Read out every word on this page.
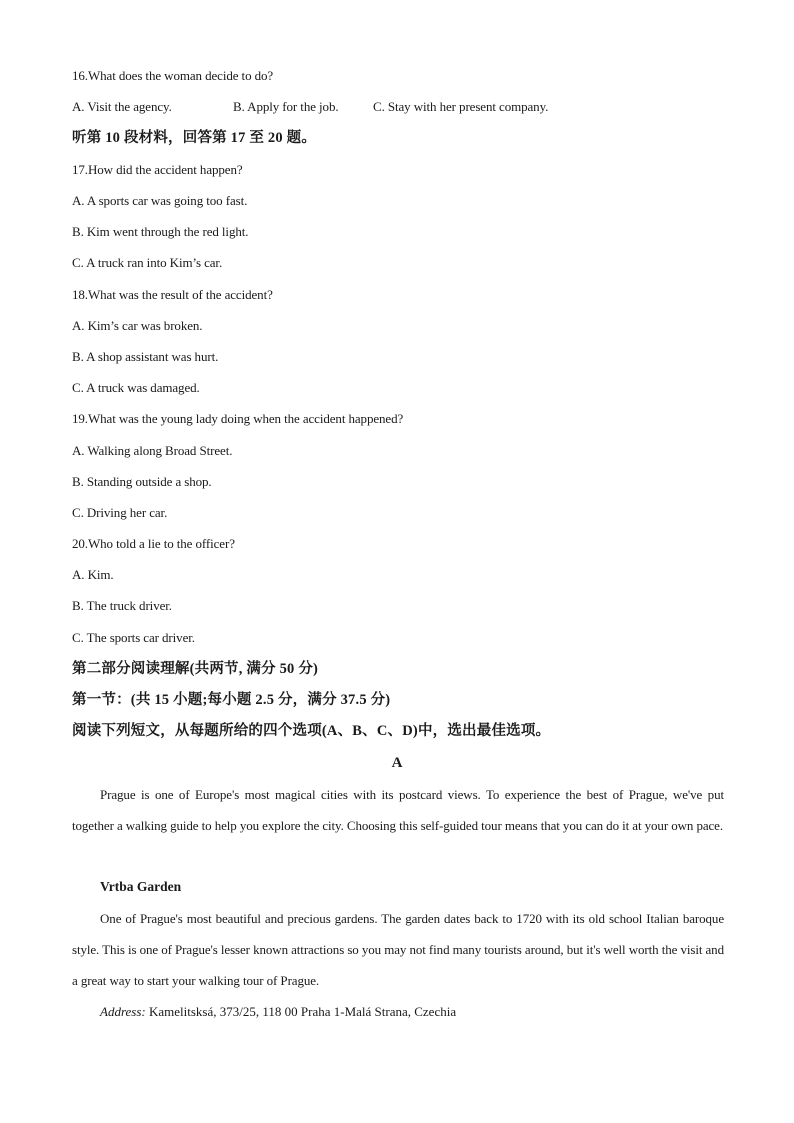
16.What does the woman decide to do?
A. Visit the agency.	B. Apply for the job.	C. Stay with her present company.
听第 10 段材料，回答第 17 至 20 题。
17.How did the accident happen?
A. A sports car was going too fast.
B. Kim went through the red light.
C. A truck ran into Kim’s car.
18.What was the result of the accident?
A. Kim’s car was broken.
B. A shop assistant was hurt.
C. A truck was damaged.
19.What was the young lady doing when the accident happened?
A. Walking along Broad Street.
B. Standing outside a shop.
C. Driving her car.
20.Who told a lie to the officer?
A. Kim.
B. The truck driver.
C. The sports car driver.
第二部分阅读理解(共两节, 满分 50 分)
第一节：(共 15 小题;每小题 2.5 分，满分 37.5 分)
阅读下列短文，从每题所给的四个选项(A、B、C、D)中，选出最佳选项。
A
Prague is one of Europe's most magical cities with its postcard views. To experience the best of Prague, we've put together a walking guide to help you explore the city. Choosing this self-guided tour means that you can do it at your own pace.
Vrtba Garden
One of Prague's most beautiful and precious gardens. The garden dates back to 1720 with its old school Italian baroque style. This is one of Prague's lesser known attractions so you may not find many tourists around, but it's well worth the visit and a great way to start your walking tour of Prague.
Address: Kamelitsksá, 373/25, 118 00 Praha 1-Malá Strana, Czechia
